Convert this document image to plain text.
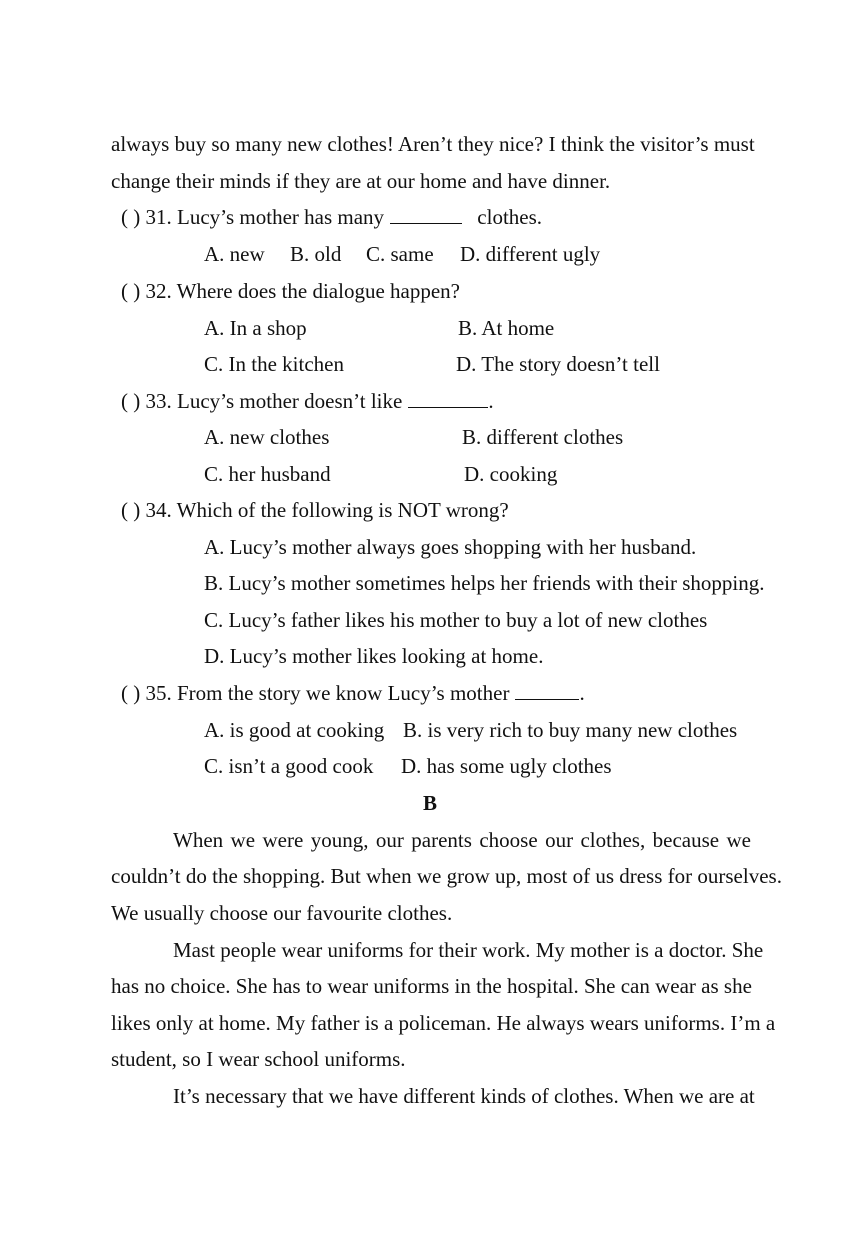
always buy so many new clothes! Aren’t they nice? I think the visitor’s must
change their minds if they are at our home and have dinner.
( ) 31. Lucy’s mother has many	clothes.
A. new B. old C. same D. different ugly
( ) 32. Where does the dialogue happen?
A. In a shop	B. At home
C. In the kitchen	D. The story doesn’t tell
( ) 33. Lucy’s mother doesn’t like	.
A. new clothes	B. different clothes
C. her husband	D. cooking
( ) 34. Which of the following is NOT wrong?
A. Lucy’s mother always goes shopping with her husband.
B. Lucy’s mother sometimes helps her friends with their shopping.
C. Lucy’s father likes his mother to buy a lot of new clothes
D. Lucy’s mother likes looking at home.
( ) 35. From the story we know Lucy’s mother	.
A. is good at cooking B. is very rich to buy many new clothes
C. isn’t a good cook D. has some ugly clothes
B
When we were young, our parents choose our clothes, because we
couldn’t do the shopping. But when we grow up, most of us dress for ourselves.
We usually choose our favourite clothes.
Mast people wear uniforms for their work. My mother is a doctor. She
has no choice. She has to wear uniforms in the hospital. She can wear as she
likes only at home. My father is a policeman. He always wears uniforms. I’m a
student, so I wear school uniforms.
It’s necessary that we have different kinds of clothes. When we are at
